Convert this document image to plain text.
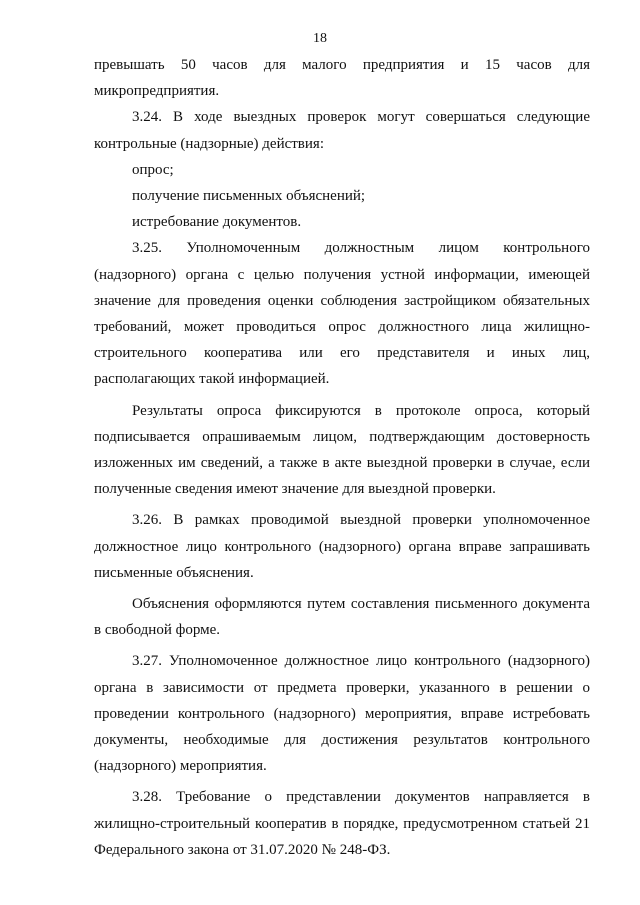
18

превышать 50 часов для малого предприятия и 15 часов для микропредприятия.

3.24. В ходе выездных проверок могут совершаться следующие контрольные (надзорные) действия:

опрос;

получение письменных объяснений;

истребование документов.

3.25. Уполномоченным должностным лицом контрольного (надзорного) органа с целью получения устной информации, имеющей значение для проведения оценки соблюдения застройщиком обязательных требований, может проводиться опрос должностного лица жилищно-строительного кооператива или его представителя и иных лиц, располагающих такой информацией.

Результаты опроса фиксируются в протоколе опроса, который подписывается опрашиваемым лицом, подтверждающим достоверность изложенных им сведений, а также в акте выездной проверки в случае, если полученные сведения имеют значение для выездной проверки.

3.26. В рамках проводимой выездной проверки уполномоченное должностное лицо контрольного (надзорного) органа вправе запрашивать письменные объяснения.

Объяснения оформляются путем составления письменного документа в свободной форме.

3.27. Уполномоченное должностное лицо контрольного (надзорного) органа в зависимости от предмета проверки, указанного в решении о проведении контрольного (надзорного) мероприятия, вправе истребовать документы, необходимые для достижения результатов контрольного (надзорного) мероприятия.

3.28. Требование о представлении документов направляется в жилищно-строительный кооператив в порядке, предусмотренном статьей 21 Федерального закона от 31.07.2020 № 248-ФЗ.
